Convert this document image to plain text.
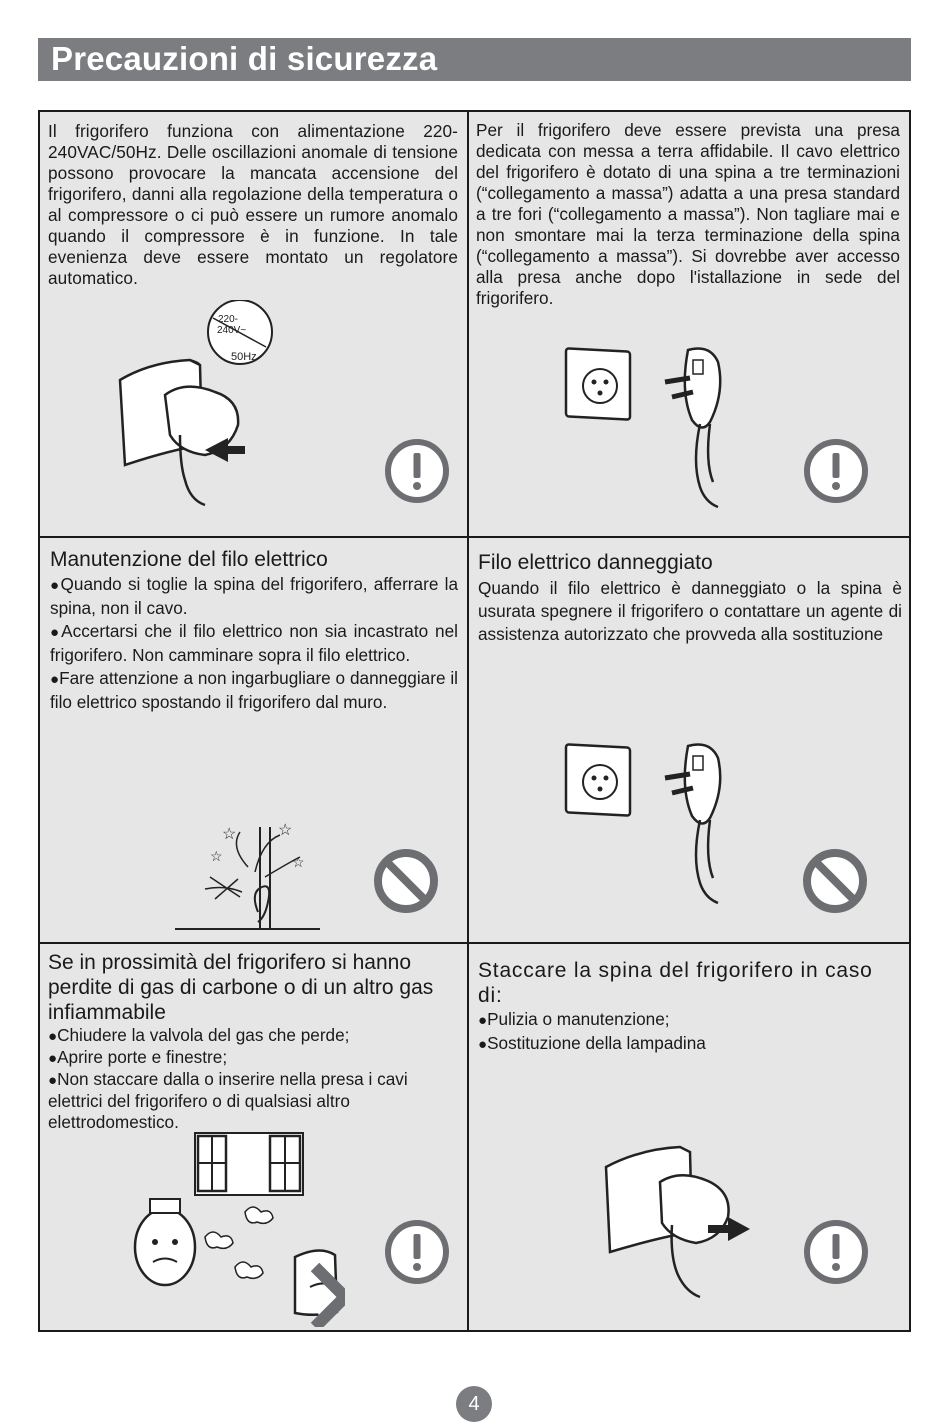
Precauzioni di sicurezza
Il frigorifero funziona con alimentazione 220-240VAC/50Hz. Delle oscillazioni anomale di tensione possono provocare la mancata accensione del frigorifero, danni alla regolazione della temperatura o al compressore o ci può essere un rumore anomalo quando il compressore è in funzione. In tale evenienza deve essere montato un regolatore automatico.
220-
240V~
50Hz
Per il frigorifero deve essere prevista una presa dedicata con messa a terra affidabile. Il cavo elettrico del frigorifero è dotato di una spina a tre terminazioni (“collegamento a massa”) adatta a una presa standard a tre fori (“collegamento a massa”). Non tagliare mai e non smontare mai la terza terminazione della spina (“collegamento a massa”). Si dovrebbe aver accesso alla presa anche dopo l'istallazione in sede del frigorifero.
Manutenzione del filo elettrico

●Quando si toglie la spina del frigorifero, afferrare la spina, non il cavo.

●Accertarsi che il filo elettrico non sia incastrato nel frigorifero. Non camminare sopra il filo elettrico.

●Fare attenzione a non ingarbugliare o danneggiare il filo elettrico spostando il frigorifero dal muro.

☆	☆
☆	☆
Filo elettrico danneggiato
Quando il filo elettrico è danneggiato o la spina è usurata spegnere il frigorifero o contattare un agente di assistenza autorizzato che provveda alla sostituzione
Se in prossimità del frigorifero si hanno perdite di gas di carbone o di un altro gas infiammabile

●Chiudere la valvola del gas che perde;

●Aprire porte e finestre;

●Non staccare dalla o inserire nella presa i cavi elettrici del frigorifero o di qualsiasi altro elettrodomestico.

Staccare la spina del frigorifero in caso di:

●Pulizia o manutenzione;

●Sostituzione della lampadina

4
